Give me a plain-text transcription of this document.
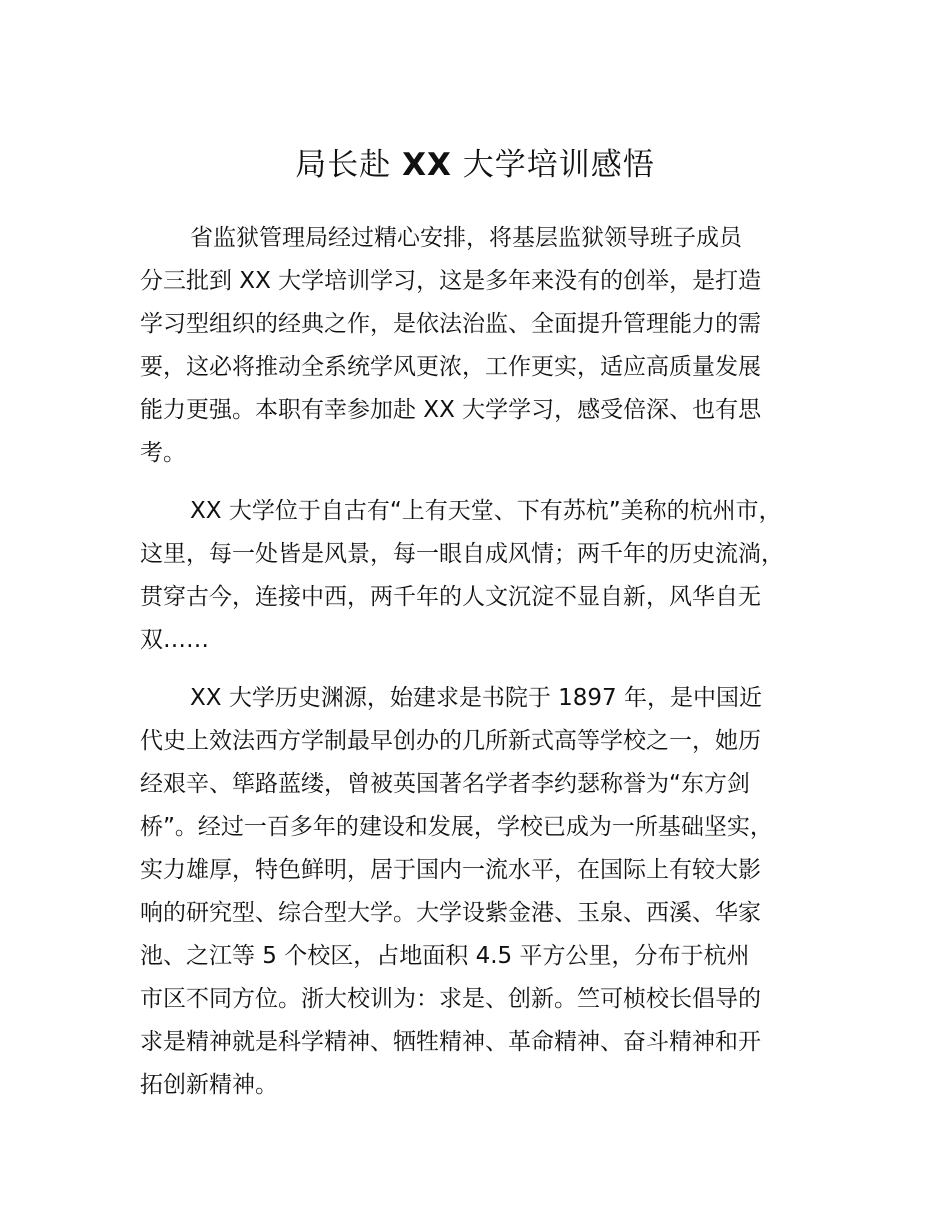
局长赴 XX 大学培训感悟
省监狱管理局经过精心安排，将基层监狱领导班子成员
分三批到 XX 大学培训学习，这是多年来没有的创举，是打造
学习型组织的经典之作，是依法治监、全面提升管理能力的需
要，这必将推动全系统学风更浓，工作更实，适应高质量发展
能力更强。本职有幸参加赴 XX 大学学习，感受倍深、也有思
考。
XX 大学位于自古有“上有天堂、下有苏杭”美称的杭州市，
这里，每一处皆是风景，每一眼自成风情；两千年的历史流淌，
贯穿古今，连接中西，两千年的人文沉淀不显自新，风华自无
双……
XX 大学历史渊源，始建求是书院于 1897 年，是中国近
代史上效法西方学制最早创办的几所新式高等学校之一，她历
经艰辛、筚路蓝缕，曾被英国著名学者李约瑟称誉为“东方剑
桥”。经过一百多年的建设和发展，学校已成为一所基础坚实，
实力雄厚，特色鲜明，居于国内一流水平，在国际上有较大影
响的研究型、综合型大学。大学设紫金港、玉泉、西溪、华家
池、之江等 5 个校区，占地面积 4.5 平方公里，分布于杭州
市区不同方位。浙大校训为：求是、创新。竺可桢校长倡导的
求是精神就是科学精神、牺牲精神、革命精神、奋斗精神和开
拓创新精神。
